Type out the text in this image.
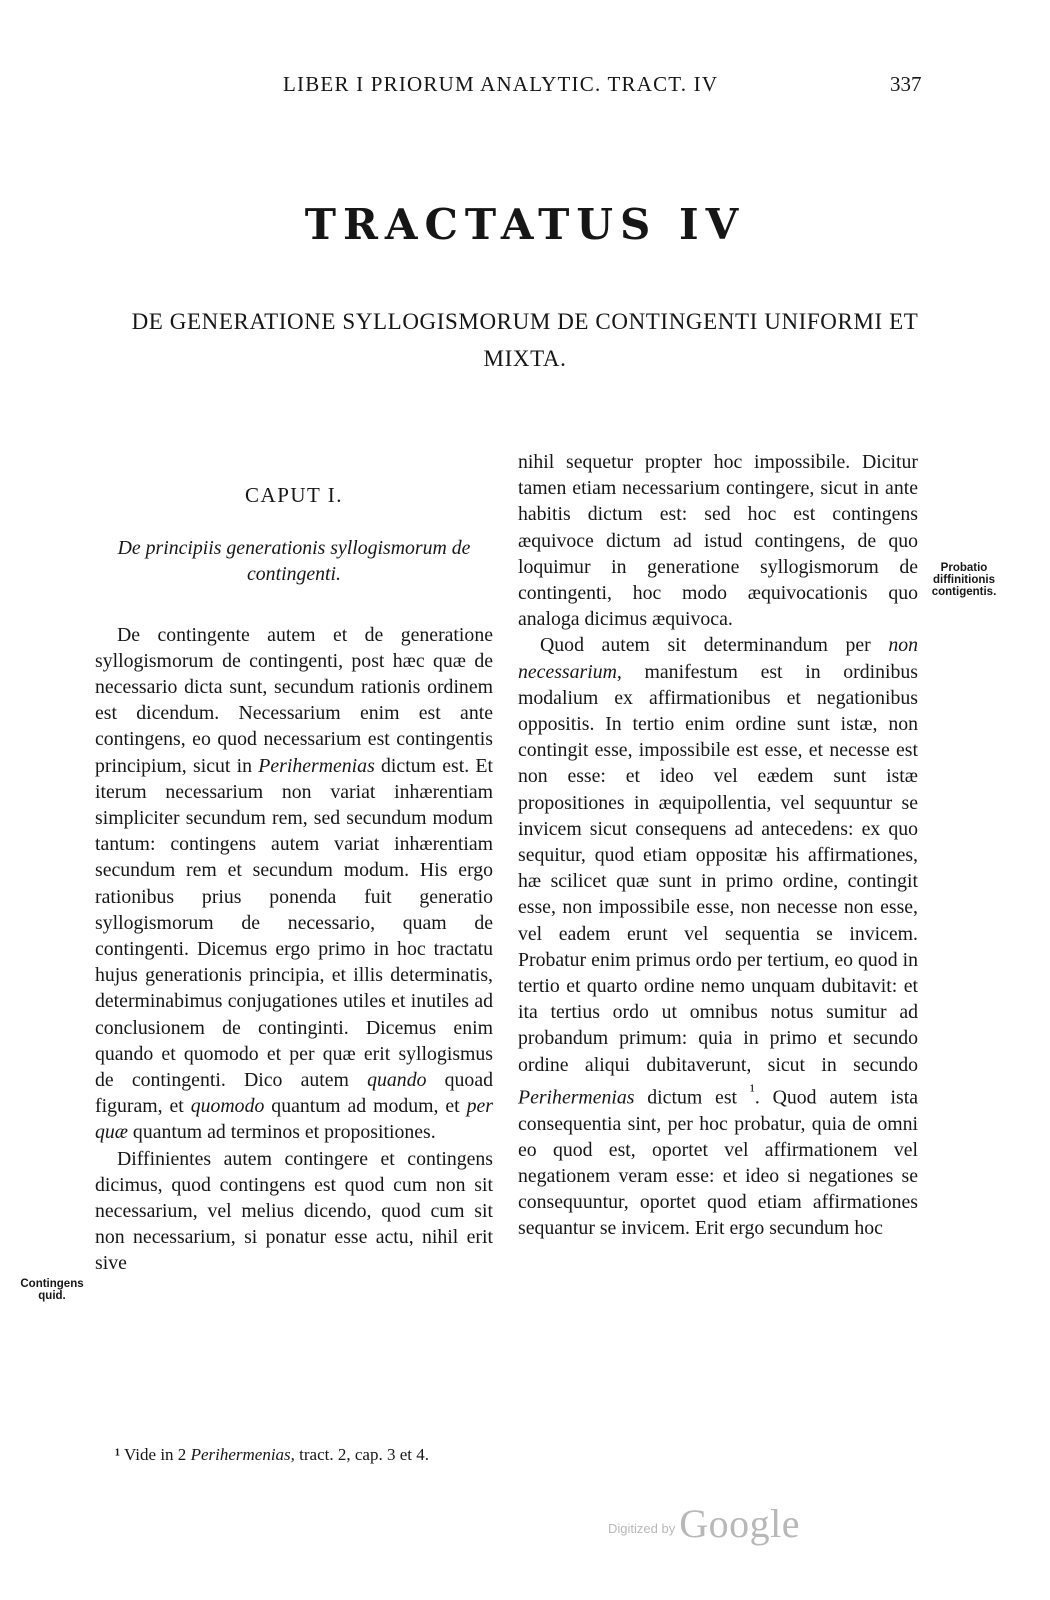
LIBER I PRIORUM ANALYTIC. TRACT. IV	337
TRACTATUS IV
DE GENERATIONE SYLLOGISMORUM DE CONTINGENTI UNIFORMI ET MIXTA.
CAPUT I.
De principiis generationis syllogismorum de contingenti.

De contingente autem et de generatione syllogismorum de contingenti, post hæc quæ de necessario dicta sunt, secundum rationis ordinem est dicendum. Necessarium enim est ante contingens, eo quod necessarium est contingentis principium, sicut in Perihermenias dictum est. Et iterum necessarium non variat inhærentiam simpliciter secundum rem, sed secundum modum tantum: contingens autem variat inhærentiam secundum rem et secundum modum. His ergo rationibus prius ponenda fuit generatio syllogismorum de necessario, quam de contingenti. Dicemus ergo primo in hoc tractatu hujus generationis principia, et illis determinatis, determinabimus conjugationes utiles et inutiles ad conclusionem de continginti. Dicemus enim quando et quomodo et per quæ erit syllogismus de contingenti. Dico autem quando quoad figuram, et quomodo quantum ad modum, et per quæ quantum ad terminos et propositiones.

Diffinientes autem contingere et contingens dicimus, quod contingens est quod cum non sit necessarium, vel melius dicendo, quod cum sit non necessarium, si ponatur esse actu, nihil erit sive

nihil sequetur propter hoc impossibile. Dicitur tamen etiam necessarium contingere, sicut in ante habitis dictum est: sed hoc est contingens æquivoce dictum ad istud contingens, de quo loquimur in generatione syllogismorum de contingenti, hoc modo æquivocationis quo analoga dicimus æquivoca.

Quod autem sit determinandum per non necessarium, manifestum est in ordinibus modalium ex affirmationibus et negationibus oppositis. In tertio enim ordine sunt istæ, non contingit esse, impossibile est esse, et necesse est non esse: et ideo vel eædem sunt istæ propositiones in æquipollentia, vel sequuntur se invicem sicut consequens ad antecedens: ex quo sequitur, quod etiam oppositæ his affirmationes, hæ scilicet quæ sunt in primo ordine, contingit esse, non impossibile esse, non necesse non esse, vel eadem erunt vel sequentia se invicem. Probatur enim primus ordo per tertium, eo quod in tertio et quarto ordine nemo unquam dubitavit: et ita tertius ordo ut omnibus notus sumitur ad probandum primum: quia in primo et secundo ordine aliqui dubitaverunt, sicut in secundo Perihermenias dictum est $^{^1}$. Quod autem ista consequentia sint, per hoc probatur, quia de omni eo quod est, oportet vel affirmationem vel negationem veram esse: et ideo si negationes se consequuntur, oportet quod etiam affirmationes sequantur se invicem. Erit ergo secundum hoc

Contingens quid.
Probatio diffinitionis contigentis.
¹ Vide in 2 Perihermenias, tract. 2, cap. 3 et 4.
$^{Digitized by}$ Google
